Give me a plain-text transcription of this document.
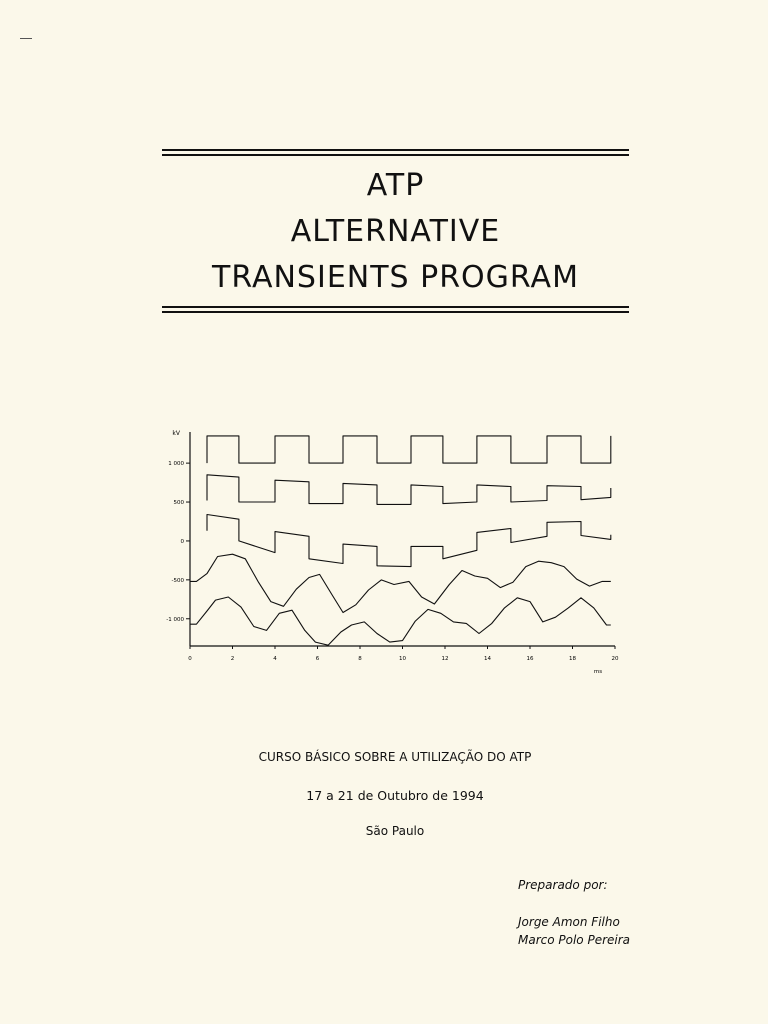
ATP
ALTERNATIVE
TRANSIENTS PROGRAM
1 000
500
0
-500
-1 000
kV
0	2	4	6	8	10	12	14	16	18	20
ms
CURSO BÁSICO SOBRE A UTILIZAÇÃO DO ATP
17 a 21 de Outubro de 1994
São Paulo
Preparado por:
Jorge Amon Filho
Marco Polo Pereira
